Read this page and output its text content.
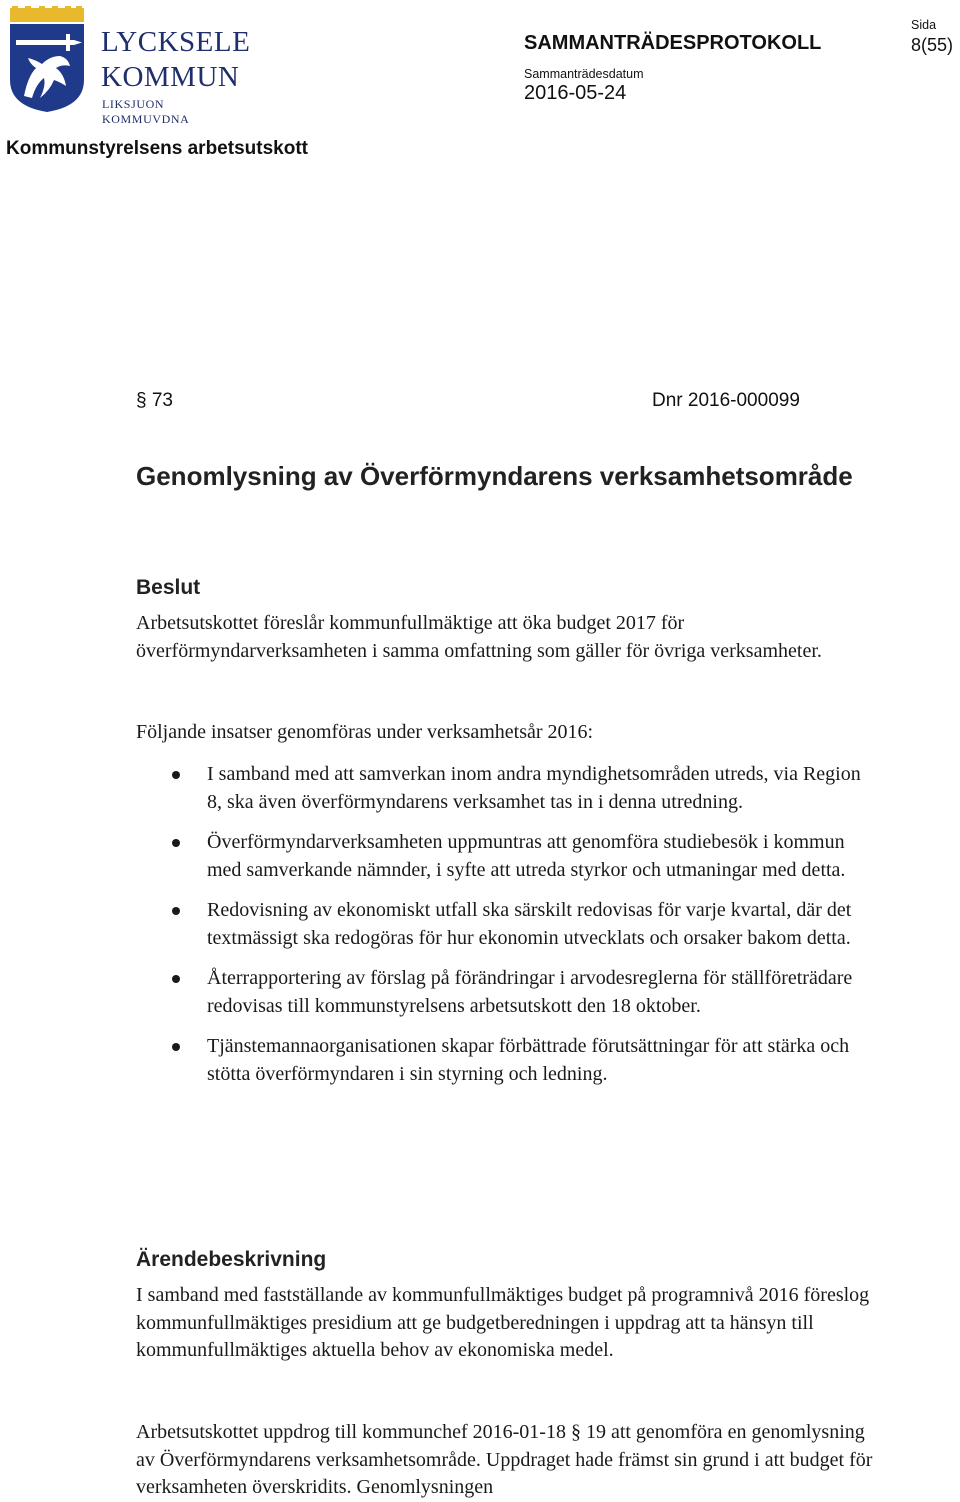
LYCKSELE
KOMMUN
LIKSJUON KOMMUVDNA
SAMMANTRÄDESPROTOKOLL
Sammanträdesdatum
2016-05-24
Sida
8(55)
Kommunstyrelsens arbetsutskott
§ 73	Dnr 2016-000099
Genomlysning av Överförmyndarens verksamhetsområde
Beslut

Arbetsutskottet föreslår kommunfullmäktige att öka budget 2017 för överförmyndarverksamheten i samma omfattning som gäller för övriga verksamheter.

Följande insatser genomföras under verksamhetsår 2016:

I samband med att samverkan inom andra myndighetsområden utreds, via Region 8, ska även överförmyndarens verksamhet tas in i denna utredning.
Överförmyndarverksamheten uppmuntras att genomföra studiebesök i kommun med samverkande nämnder, i syfte att utreda styrkor och utmaningar med detta.
Redovisning av ekonomiskt utfall ska särskilt redovisas för varje kvartal, där det textmässigt ska redogöras för hur ekonomin utvecklats och orsaker bakom detta.
Återrapportering av förslag på förändringar i arvodesreglerna för ställföreträdare redovisas till kommunstyrelsens arbetsutskott den 18 oktober.
Tjänstemannaorganisationen skapar förbättrade förutsättningar för att stärka och stötta överförmyndaren i sin styrning och ledning.
Ärendebeskrivning

I samband med fastställande av kommunfullmäktiges budget på programnivå 2016 föreslog kommunfullmäktiges presidium att ge budgetberedningen i uppdrag att ta hänsyn till kommunfullmäktiges aktuella behov av ekonomiska medel.

Arbetsutskottet uppdrog till kommunchef 2016-01-18 § 19 att genomföra en genomlysning av Överförmyndarens verksamhetsområde. Uppdraget hade främst sin grund i att budget för verksamheten överskridits. Genomlysningen
